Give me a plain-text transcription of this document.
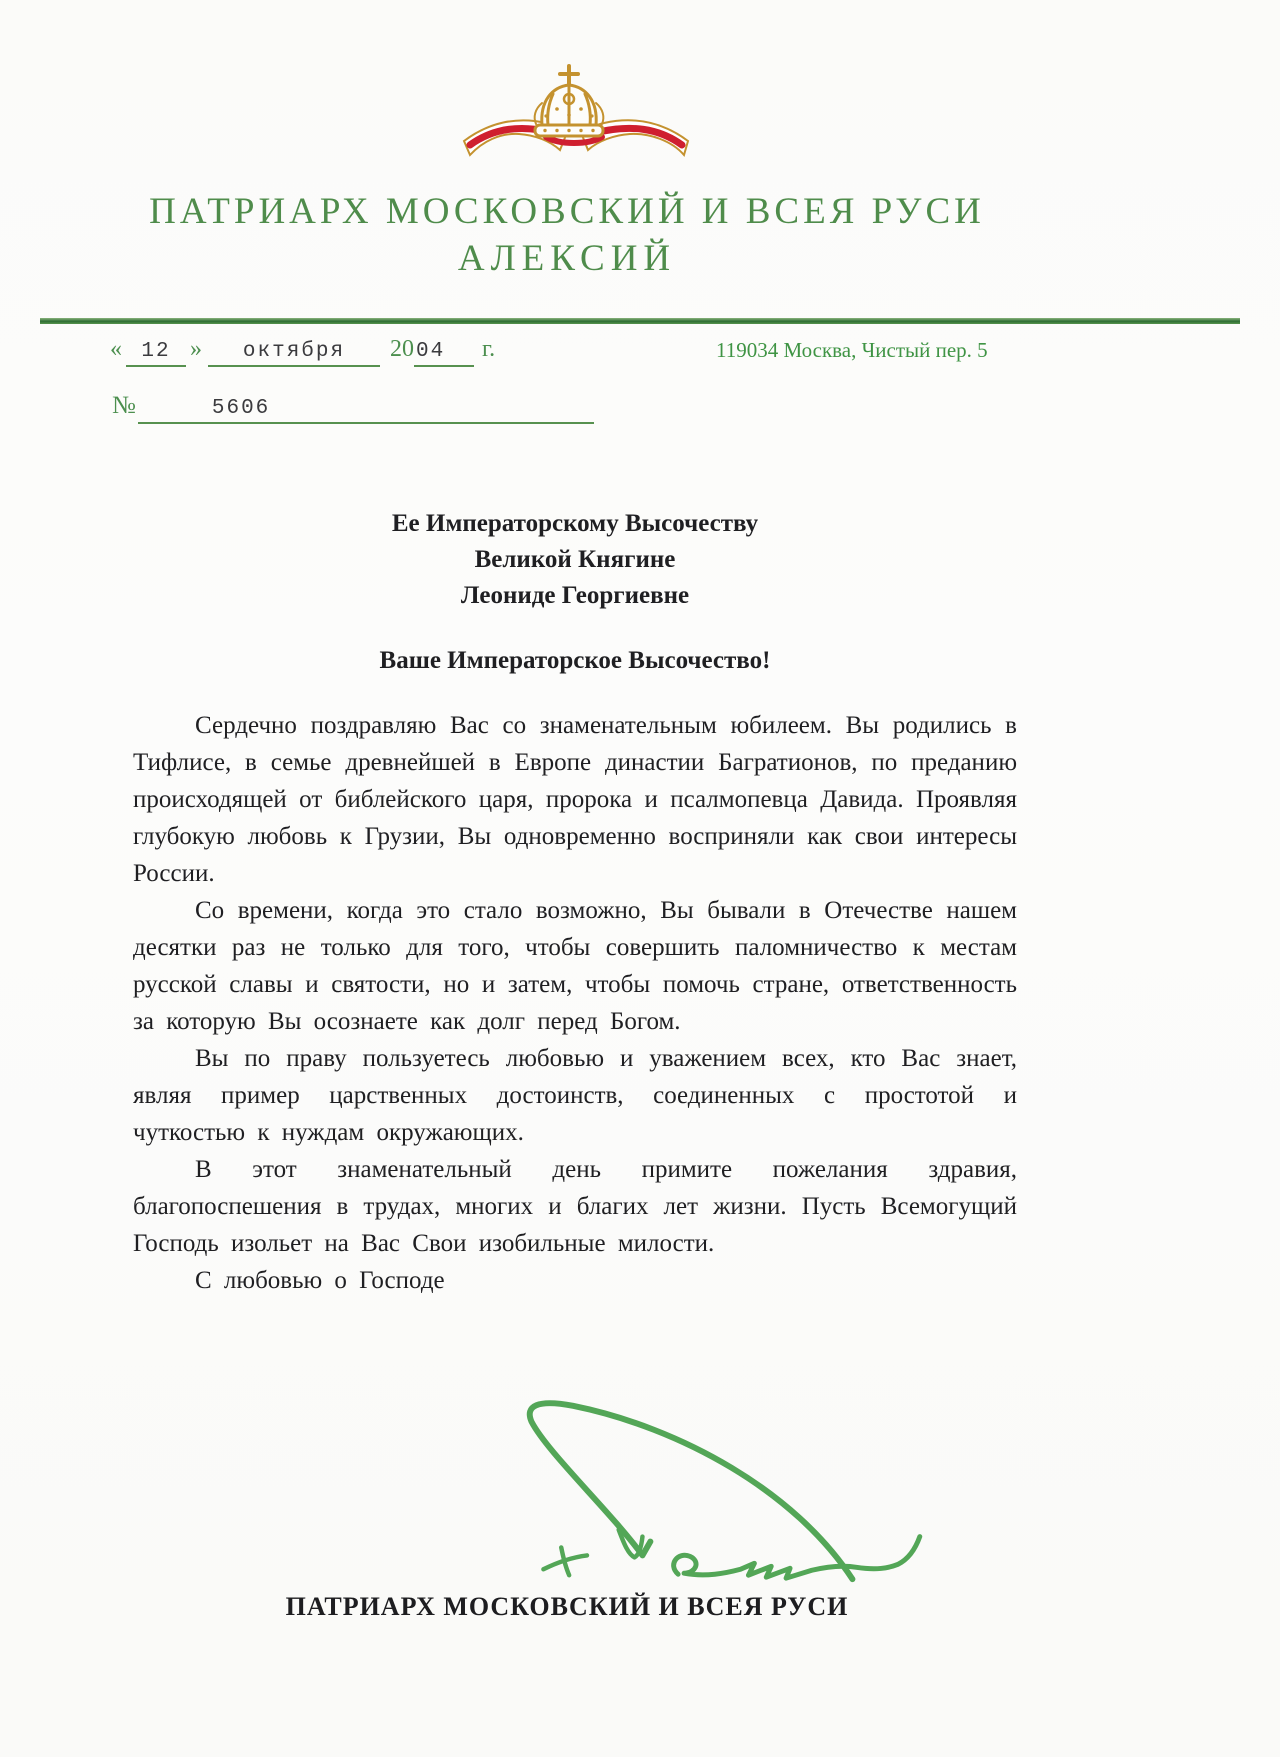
ПАТРИАРХ МОСКОВСКИЙ И ВСЕЯ РУСИ
АЛЕКСИЙ
« 12 » октября 2004 г.	119034 Москва, Чистый пер. 5
№	5606
Ее Императорскому Высочеству
Великой Княгине
Леониде Георгиевне
Ваше Императорское Высочество!

Сердечно поздравляю Вас со знаменательным юбилеем. Вы родились в Тифлисе, в семье древнейшей в Европе династии Багратионов, по преданию происходящей от библейского царя, пророка и псалмопевца Давида. Проявляя глубокую любовь к Грузии, Вы одновременно восприняли как свои интересы России.

Со времени, когда это стало возможно, Вы бывали в Отечестве нашем десятки раз не только для того, чтобы совершить паломничество к местам русской славы и святости, но и затем, чтобы помочь стране, ответственность за которую Вы осознаете как долг перед Богом.

Вы по праву пользуетесь любовью и уважением всех, кто Вас знает, являя пример царственных достоинств, соединенных с простотой и чуткостью к нуждам окружающих.

В этот знаменательный день примите пожелания здравия, благопоспешения в трудах, многих и благих лет жизни. Пусть Всемогущий Господь изольет на Вас Свои изобильные милости.

С любовью о Господе

ПАТРИАРХ МОСКОВСКИЙ И ВСЕЯ РУСИ
